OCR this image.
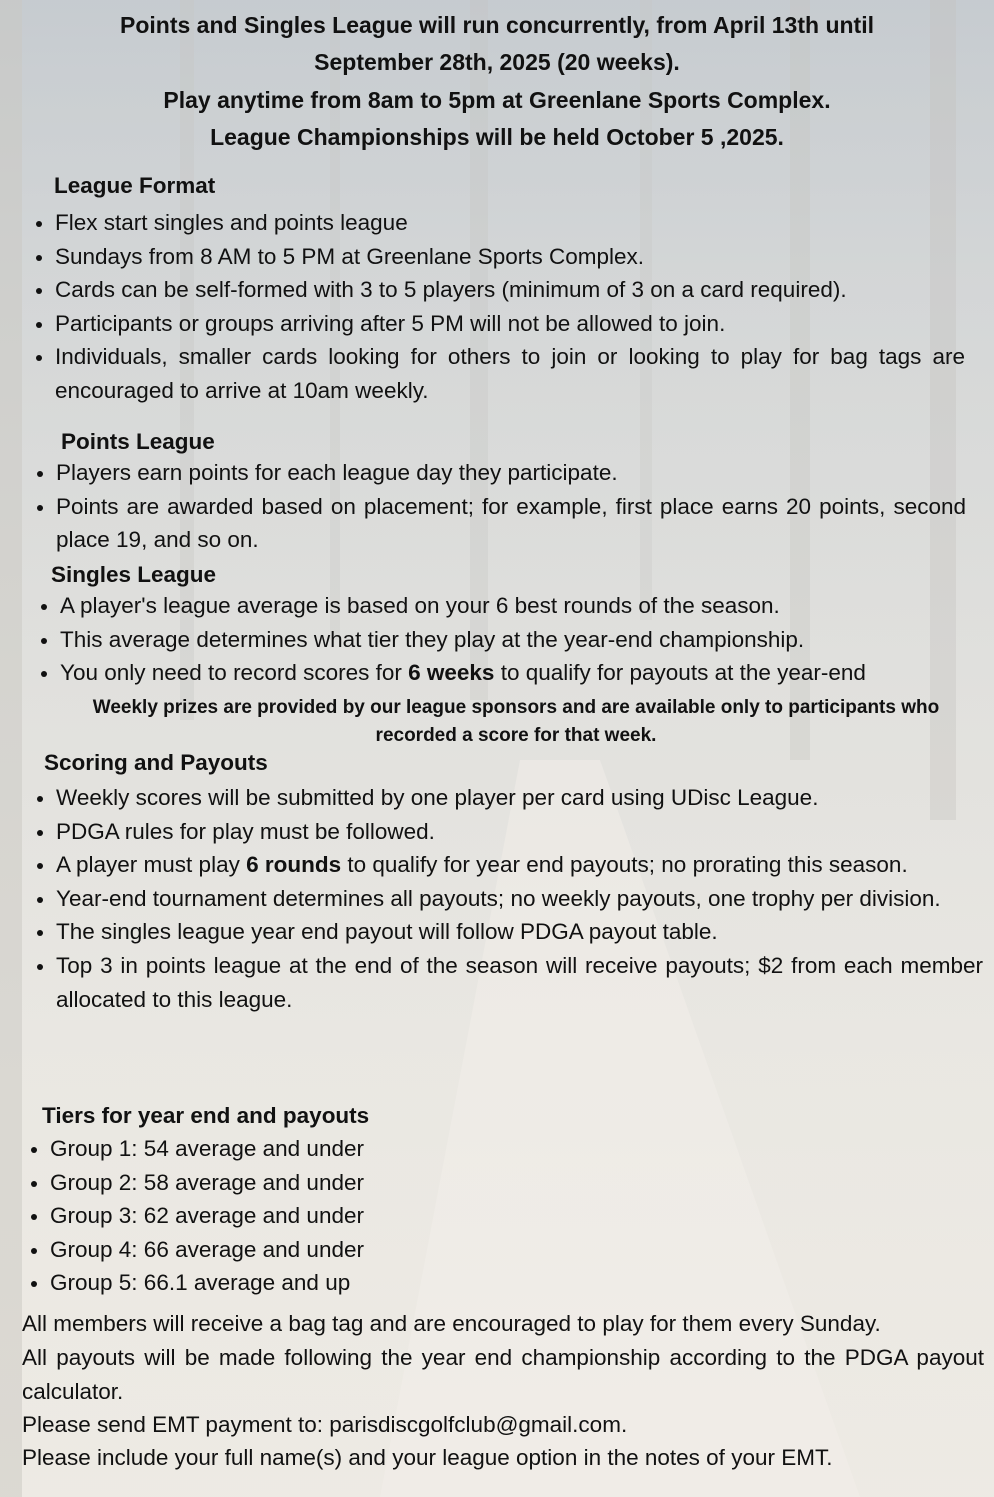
Points and Singles League will run concurrently, from April 13th until
September 28th, 2025 (20 weeks).
Play anytime from 8am to 5pm at Greenlane Sports Complex.
League Championships will be held October 5 ,2025.
League Format
Flex start singles and points league
Sundays from 8 AM to 5 PM at Greenlane Sports Complex.
Cards can be self-formed with 3 to 5 players (minimum of 3 on a card required).
Participants or groups arriving after 5 PM will not be allowed to join.
Individuals, smaller cards looking for others to join or looking to play for bag tags are encouraged to arrive at 10am weekly.
Points League
Players earn points for each league day they participate.
Points are awarded based on placement; for example, first place earns 20 points, second place 19, and so on.
Singles League
A player's league average is based on your 6 best rounds of the season.
This average determines what tier they play at the year-end championship.
You only need to record scores for 6 weeks to qualify for payouts at the year-end
Weekly prizes are provided by our league sponsors and are available only to participants who recorded a score for that week.
Scoring and Payouts
Weekly scores will be submitted by one player per card using UDisc League.
PDGA rules for play must be followed.
A player must play 6 rounds to qualify for year end payouts; no prorating this season.
Year-end tournament determines all payouts; no weekly payouts, one trophy per division.
The singles league year end payout will follow PDGA payout table.
Top 3 in points league at the end of the season will receive payouts; $2 from each member allocated to this league.
Tiers for year end and payouts
Group 1: 54 average and under
Group 2: 58 average and under
Group 3: 62 average and under
Group 4: 66 average and under
Group 5: 66.1 average and up
All members will receive a bag tag and are encouraged to play for them every Sunday.
All payouts will be made following the year end championship according to the PDGA payout calculator.
Please send EMT payment to: parisdiscgolfclub@gmail.com.
Please include your full name(s) and your league option in the notes of your EMT.
